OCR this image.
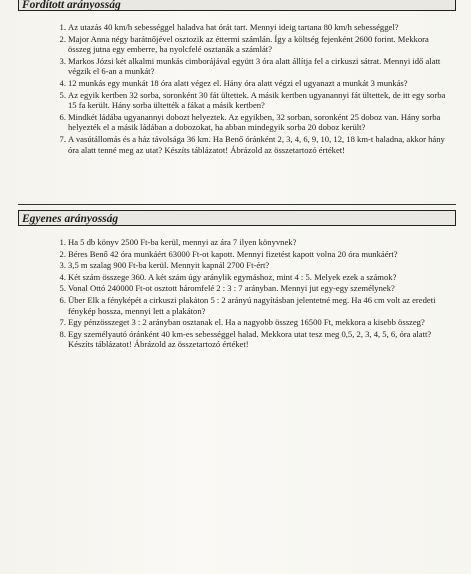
Fordított arányosság
1. Az utazás 40 km/h sebességgel haladva hat órát tart. Mennyi ideig tartana 80 km/h sebességgel?
2. Major Anna négy barátnőjével osztozik az éttermi számlán. Így a költség fejenként 2600 forint. Mekkora összeg jutna egy emberre, ha nyolcfelé osztanák a számlát?
3. Markos Józsi két alkalmi munkás cimborájával együtt 3 óra alatt állítja fel a cirkuszi sátrat. Mennyi idő alatt végzik el 6-an a munkát?
4. 12 munkás egy munkát 18 óra alatt végez el. Hány óra alatt végzi el ugyanazt a munkát 3 munkás?
5. Az egyik kertben 32 sorba, soronként 30 fát ültettek. A másik kertben ugyanannyi fát ültettek, de itt egy sorba 15 fa került. Hány sorba ültették a fákat a másik kertben?
6. Mindkét ládába ugyanannyi dobozt helyeztek. Az egyikben, 32 sorban, soronként 25 doboz van. Hány sorba helyezték el a másik ládában a dobozokat, ha abban mindegyik sorba 20 doboz került?
7. A vasútállomás és a ház távolsága 36 km. Ha Benő óránként 2, 3, 4, 6, 9, 10, 12, 18 km-t haladna, akkor hány óra alatt tenné meg az utat? Készíts táblázatot! Ábrázold az összetartozó értéket!
Egyenes arányosság
1. Ha 5 db könyv 2500 Ft-ba kerül, mennyi az ára 7 ilyen könyvnek?
2. Béres Benő 42 óra munkáért 63000 Ft-ot kapott. Mennyi fizetést kapott volna 20 óra munkáért?
3. 3,5 m szalag 900 Ft-ba kerül. Mennyit kapnál 2700 Ft-ért?
4. Két szám összege 360. A két szám úgy aránylik egymáshoz, mint 4 : 5. Melyek ezek a számok?
5. Vonal Ottó 240000 Ft-ot osztott háromfelé 2 : 3 : 7 arányban. Mennyi jut egy-egy személynek?
6. Über Elk a fényképét a cirkuszi plakáton 5 : 2 arányú nagyításban jelentetné meg. Ha 46 cm volt az eredeti fénykép hossza, mennyi lett a plakáton?
7. Egy pénzösszeget 3 : 2 arányban osztanak el. Ha a nagyobb összeg 16500 Ft, mekkora a kisebb összeg?
8. Egy személyautó óránként 40 km-es sebességgel halad. Mekkora utat tesz meg 0,5, 2, 3, 4, 5, 6, óra alatt? Készíts táblázatot! Ábrázold az összetartozó értéket!
